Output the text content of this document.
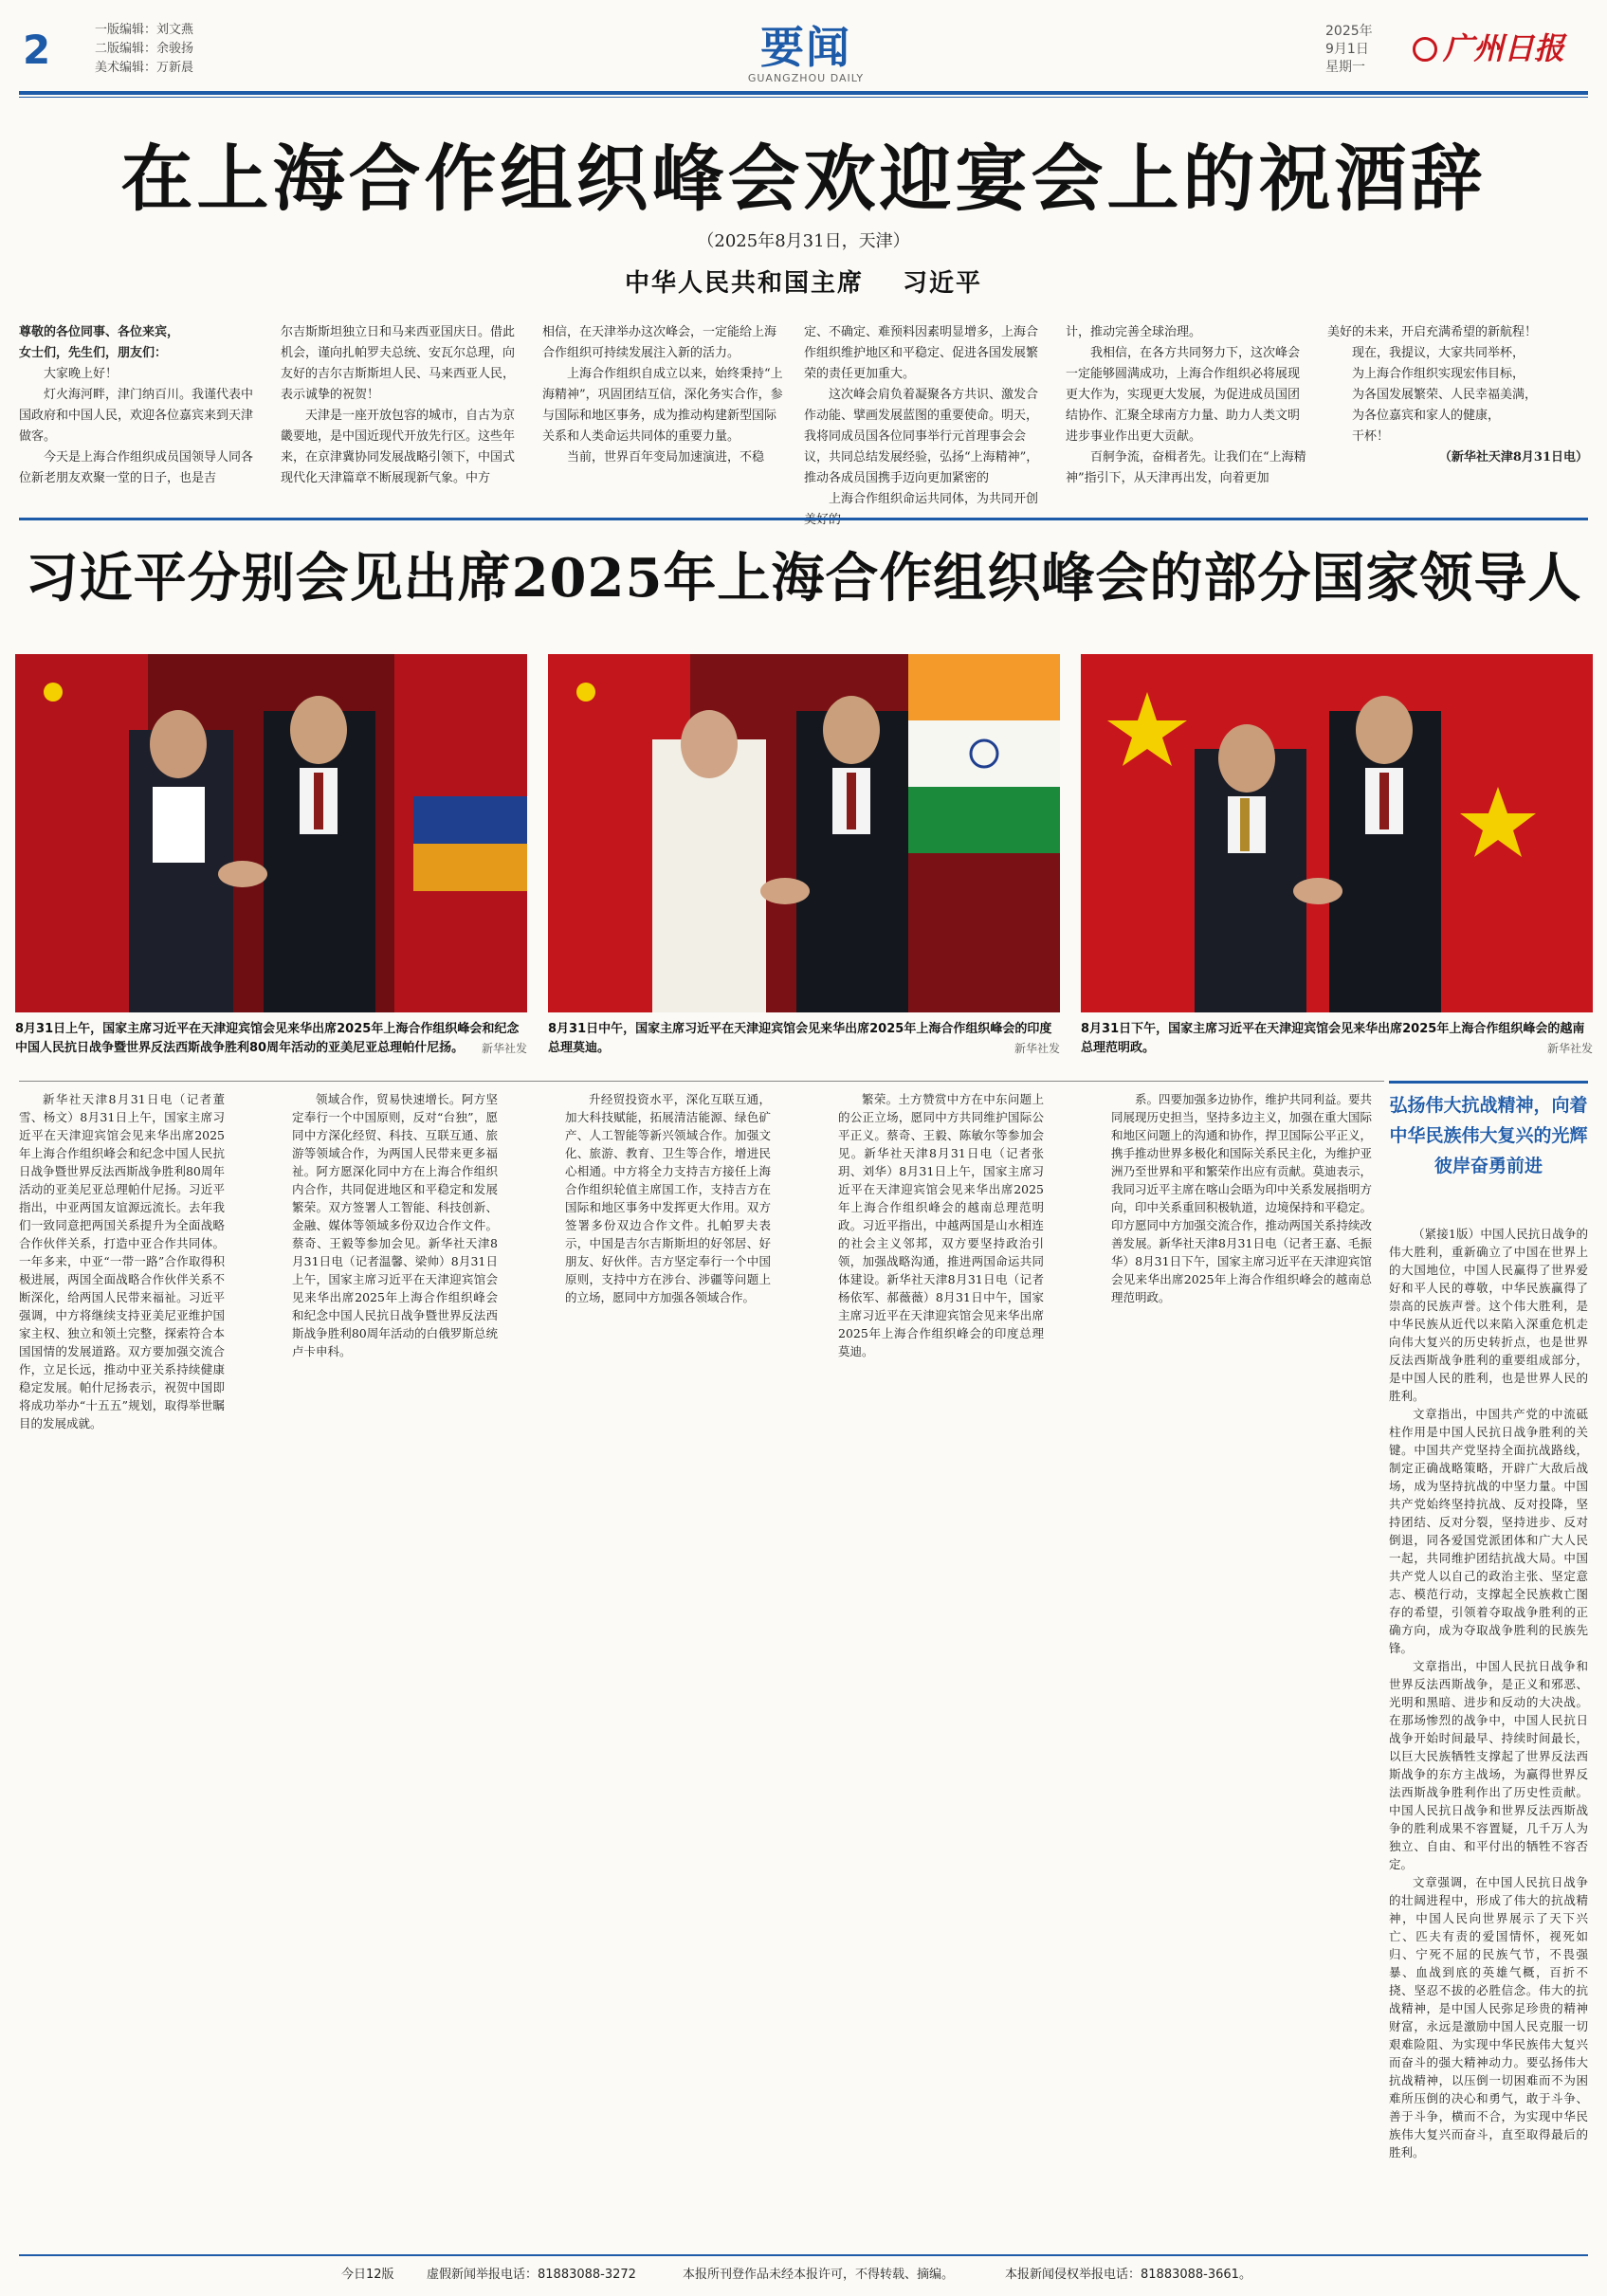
2	一版编辑：刘文燕
二版编辑：余骏扬
美术编辑：万新晨	要闻
GUANGZHOU DAILY
2025年
9月1日
星期一
广州日报
在上海合作组织峰会欢迎宴会上的祝酒辞
（2025年8月31日，天津）
中华人民共和国主席 习近平

尊敬的各位同事、各位来宾，

女士们，先生们，朋友们：

大家晚上好！

灯火海河畔，津门纳百川。我谨代表中国政府和中国人民，欢迎各位嘉宾来到天津做客。

今天是上海合作组织成员国领导人同各位新老朋友欢聚一堂的日子，也是吉

尔吉斯斯坦独立日和马来西亚国庆日。借此机会，谨向扎帕罗夫总统、安瓦尔总理，向友好的吉尔吉斯斯坦人民、马来西亚人民，表示诚挚的祝贺！

天津是一座开放包容的城市，自古为京畿要地，是中国近现代开放先行区。这些年来，在京津冀协同发展战略引领下，中国式现代化天津篇章不断展现新气象。中方

相信，在天津举办这次峰会，一定能给上海合作组织可持续发展注入新的活力。

上海合作组织自成立以来，始终秉持“上海精神”，巩固团结互信，深化务实合作，参与国际和地区事务，成为推动构建新型国际关系和人类命运共同体的重要力量。

当前，世界百年变局加速演进，不稳

定、不确定、难预料因素明显增多，上海合作组织维护地区和平稳定、促进各国发展繁荣的责任更加重大。

这次峰会肩负着凝聚各方共识、激发合作动能、擘画发展蓝图的重要使命。明天，我将同成员国各位同事举行元首理事会会议，共同总结发展经验，弘扬“上海精神”，推动各成员国携手迈向更加紧密的

上海合作组织命运共同体，为共同开创

计，推动完善全球治理。

我相信，在各方共同努力下，这次峰会一定能够圆满成功，上海合作组织必将展现更大作为，实现更大发展，为促进成员国团结协作、汇聚全球南方力量、助力人类文明进步事业作出更大贡献。

百舸争流，奋楫者先。让我们在“上海精神”指引下，从天津再出发，向着更加

美好的未来，开启充满希望的新航程！

现在，我提议，大家共同举杯，

为上海合作组织实现宏伟目标，

为各国发展繁荣、人民幸福美满，

为各位嘉宾和家人的健康，

干杯！

（新华社天津8月31日电）

习近平分别会见出席2025年上海合作组织峰会的部分国家领导人
8月31日上午，国家主席习近平在天津迎宾馆会见来华出席2025年上海合作组织峰会和纪念中国人民抗日战争暨世界反法西斯战争胜利80周年活动的亚美尼亚总理帕什尼扬。 新华社发
8月31日中午，国家主席习近平在天津迎宾馆会见来华出席2025年上海合作组织峰会的印度总理莫迪。	新华社发
8月31日下午，国家主席习近平在天津迎宾馆会见来华出席2025年上海合作组织峰会的越南总理范明政。	新华社发

新华社天津8月31日电（记者董雪、杨文）8月31日上午，国家主席习近平在天津迎宾馆会见来华出席2025年上海合作组织峰会和纪念中国人民抗日战争暨世界反法西斯战争胜利80周年活动的亚美尼亚总理帕什尼扬。习近平指出，中亚两国友谊源远流长。去年我们一致同意把两国关系提升为全面战略合作伙伴关系，打造中亚合作共同体。一年多来，中亚“一带一路”合作取得积极进展，两国全面战略合作伙伴关系不断深化，给两国人民带来福祉。习近平强调，中方将继续支持亚美尼亚维护国家主权、独立和领土完整，探索符合本国国情的发展道路。双方要加强交流合作，立足长远，推动中亚关系持续健康稳定发展。帕什尼扬表示，祝贺中国即将成功举办“十五五”规划，取得举世瞩目的发展成就。

领域合作，贸易快速增长。阿方坚定奉行一个中国原则，反对“台独”，愿同中方深化经贸、科技、互联互通、旅游等领域合作，为两国人民带来更多福祉。阿方愿深化同中方在上海合作组织内合作，共同促进地区和平稳定和发展繁荣。双方签署人工智能、科技创新、金融、媒体等领域多份双边合作文件。蔡奇、王毅等参加会见。新华社天津8月31日电（记者温馨、梁帅）8月31日上午，国家主席习近平在天津迎宾馆会见来华出席2025年上海合作组织峰会和纪念中国人民抗日战争暨世界反法西斯战争胜利80周年活动的白俄罗斯总统卢卡申科。

升经贸投资水平，深化互联互通，加大科技赋能，拓展清洁能源、绿色矿产、人工智能等新兴领域合作。加强文化、旅游、教育、卫生等合作，增进民心相通。中方将全力支持吉方接任上海合作组织轮值主席国工作，支持吉方在国际和地区事务中发挥更大作用。双方签署多份双边合作文件。扎帕罗夫表示，中国是吉尔吉斯斯坦的好邻居、好朋友、好伙伴。吉方坚定奉行一个中国原则，支持中方在涉台、涉疆等问题上的立场，愿同中方加强各领域合作。

繁荣。土方赞赏中方在中东问题上的公正立场，愿同中方共同维护国际公平正义。蔡奇、王毅、陈敏尔等参加会见。新华社天津8月31日电（记者张玥、刘华）8月31日上午，国家主席习近平在天津迎宾馆会见来华出席2025年上海合作组织峰会的越南总理范明政。习近平指出，中越两国是山水相连的社会主义邻邦，双方要坚持政治引领，加强战略沟通，推进两国命运共同体建设。新华社天津8月31日电（记者杨依军、郝薇薇）8月31日中午，国家主席习近平在天津迎宾馆会见来华出席2025年上海合作组织峰会的印度总理莫迪。

系。四要加强多边协作，维护共同利益。要共同展现历史担当，坚持多边主义，加强在重大国际和地区问题上的沟通和协作，捍卫国际公平正义，携手推动世界多极化和国际关系民主化，为维护亚洲乃至世界和平和繁荣作出应有贡献。莫迪表示，我同习近平主席在喀山会晤为印中关系发展指明方向，印中关系重回积极轨道，边境保持和平稳定。印方愿同中方加强交流合作，推动两国关系持续改善发展。新华社天津8月31日电（记者王嘉、毛振华）8月31日下午，国家主席习近平在天津迎宾馆会见来华出席2025年上海合作组织峰会的越南总理范明政。

弘扬伟大抗战精神，向着中华民族伟大复兴的光辉彼岸奋勇前进

（紧接1版）中国人民抗日战争的伟大胜利，重新确立了中国在世界上的大国地位，中国人民赢得了世界爱好和平人民的尊敬，中华民族赢得了崇高的民族声誉。这个伟大胜利，是中华民族从近代以来陷入深重危机走向伟大复兴的历史转折点，也是世界反法西斯战争胜利的重要组成部分，是中国人民的胜利，也是世界人民的胜利。

文章指出，中国共产党的中流砥柱作用是中国人民抗日战争胜利的关键。中国共产党坚持全面抗战路线，制定正确战略策略，开辟广大敌后战场，成为坚持抗战的中坚力量。中国共产党始终坚持抗战、反对投降，坚持团结、反对分裂，坚持进步、反对倒退，同各爱国党派团体和广大人民一起，共同维护团结抗战大局。中国共产党人以自己的政治主张、坚定意志、模范行动，支撑起全民族救亡图存的希望，引领着夺取战争胜利的正确方向，成为夺取战争胜利的民族先锋。

文章指出，中国人民抗日战争和世界反法西斯战争，是正义和邪恶、光明和黑暗、进步和反动的大决战。在那场惨烈的战争中，中国人民抗日战争开始时间最早、持续时间最长，以巨大民族牺牲支撑起了世界反法西斯战争的东方主战场，为赢得世界反法西斯战争胜利作出了历史性贡献。中国人民抗日战争和世界反法西斯战争的胜利成果不容置疑，几千万人为独立、自由、和平付出的牺牲不容否定。

文章强调，在中国人民抗日战争的壮阔进程中，形成了伟大的抗战精神，中国人民向世界展示了天下兴亡、匹夫有责的爱国情怀，视死如归、宁死不屈的民族气节，不畏强暴、血战到底的英雄气概，百折不挠、坚忍不拔的必胜信念。伟大的抗战精神，是中国人民弥足珍贵的精神财富，永远是激励中国人民克服一切艰难险阻、为实现中华民族伟大复兴而奋斗的强大精神动力。要弘扬伟大抗战精神，以压倒一切困难而不为困难所压倒的决心和勇气，敢于斗争、善于斗争，横而不合，为实现中华民族伟大复兴而奋斗，直至取得最后的胜利。

今日12版	虚假新闻举报电话：81883088-3272	本报所刊登作品未经本报许可，不得转载、摘编。	本报新闻侵权举报电话：81883088-3661。
